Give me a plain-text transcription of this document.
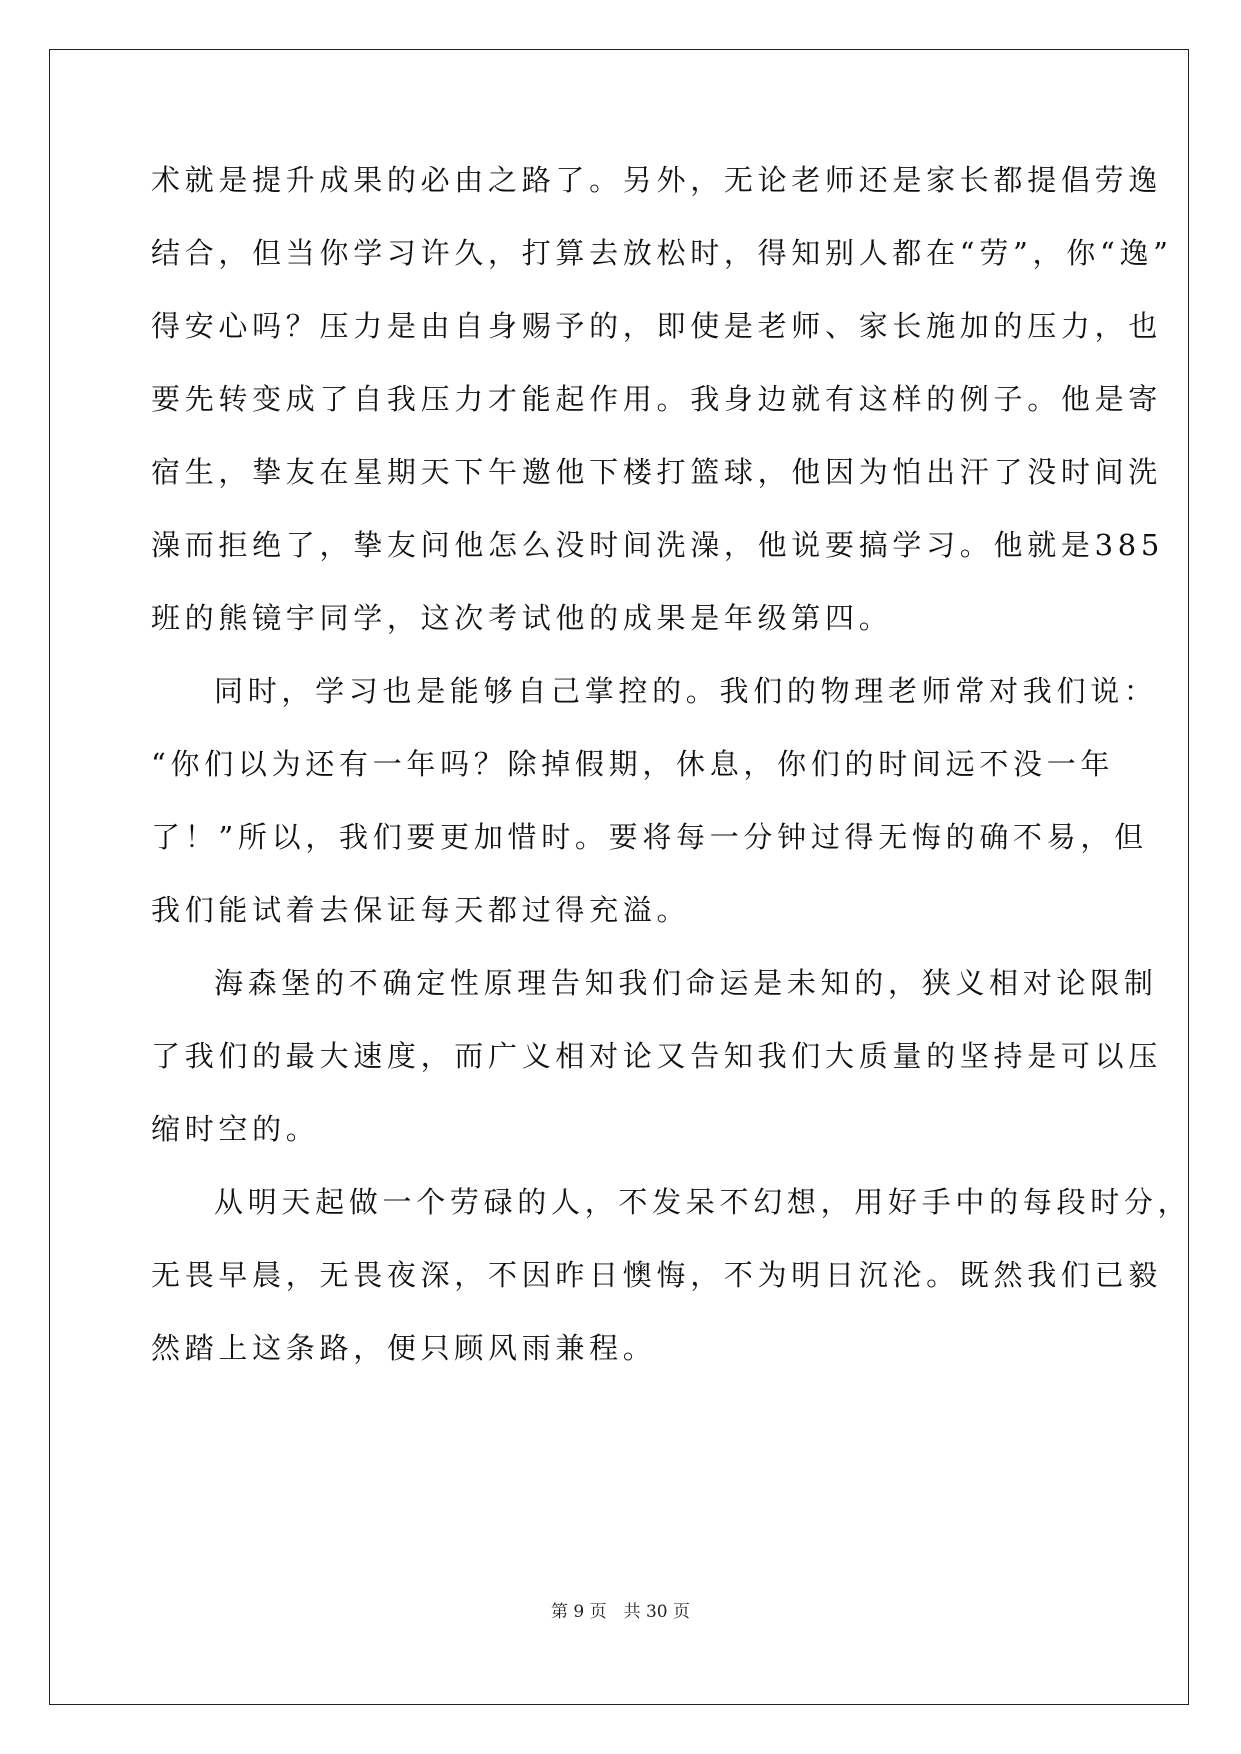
术就是提升成果的必由之路了。另外，无论老师还是家长都提倡劳逸
结合，但当你学习许久，打算去放松时，得知别人都在“劳”，你“逸”
得安心吗？压力是由自身赐予的，即使是老师、家长施加的压力，也
要先转变成了自我压力才能起作用。我身边就有这样的例子。他是寄
宿生，挚友在星期天下午邀他下楼打篮球，他因为怕出汗了没时间洗
澡而拒绝了，挚友问他怎么没时间洗澡，他说要搞学习。他就是385
班的熊镜宇同学，这次考试他的成果是年级第四。
同时，学习也是能够自己掌控的。我们的物理老师常对我们说：
“你们以为还有一年吗？除掉假期，休息，你们的时间远不没一年
了！”所以，我们要更加惜时。要将每一分钟过得无悔的确不易，但
我们能试着去保证每天都过得充溢。
海森堡的不确定性原理告知我们命运是未知的，狭义相对论限制
了我们的最大速度，而广义相对论又告知我们大质量的坚持是可以压
缩时空的。
从明天起做一个劳碌的人，不发呆不幻想，用好手中的每段时分，
无畏早晨，无畏夜深，不因昨日懊悔，不为明日沉沦。既然我们已毅
然踏上这条路，便只顾风雨兼程。
第 9 页　共 30 页
